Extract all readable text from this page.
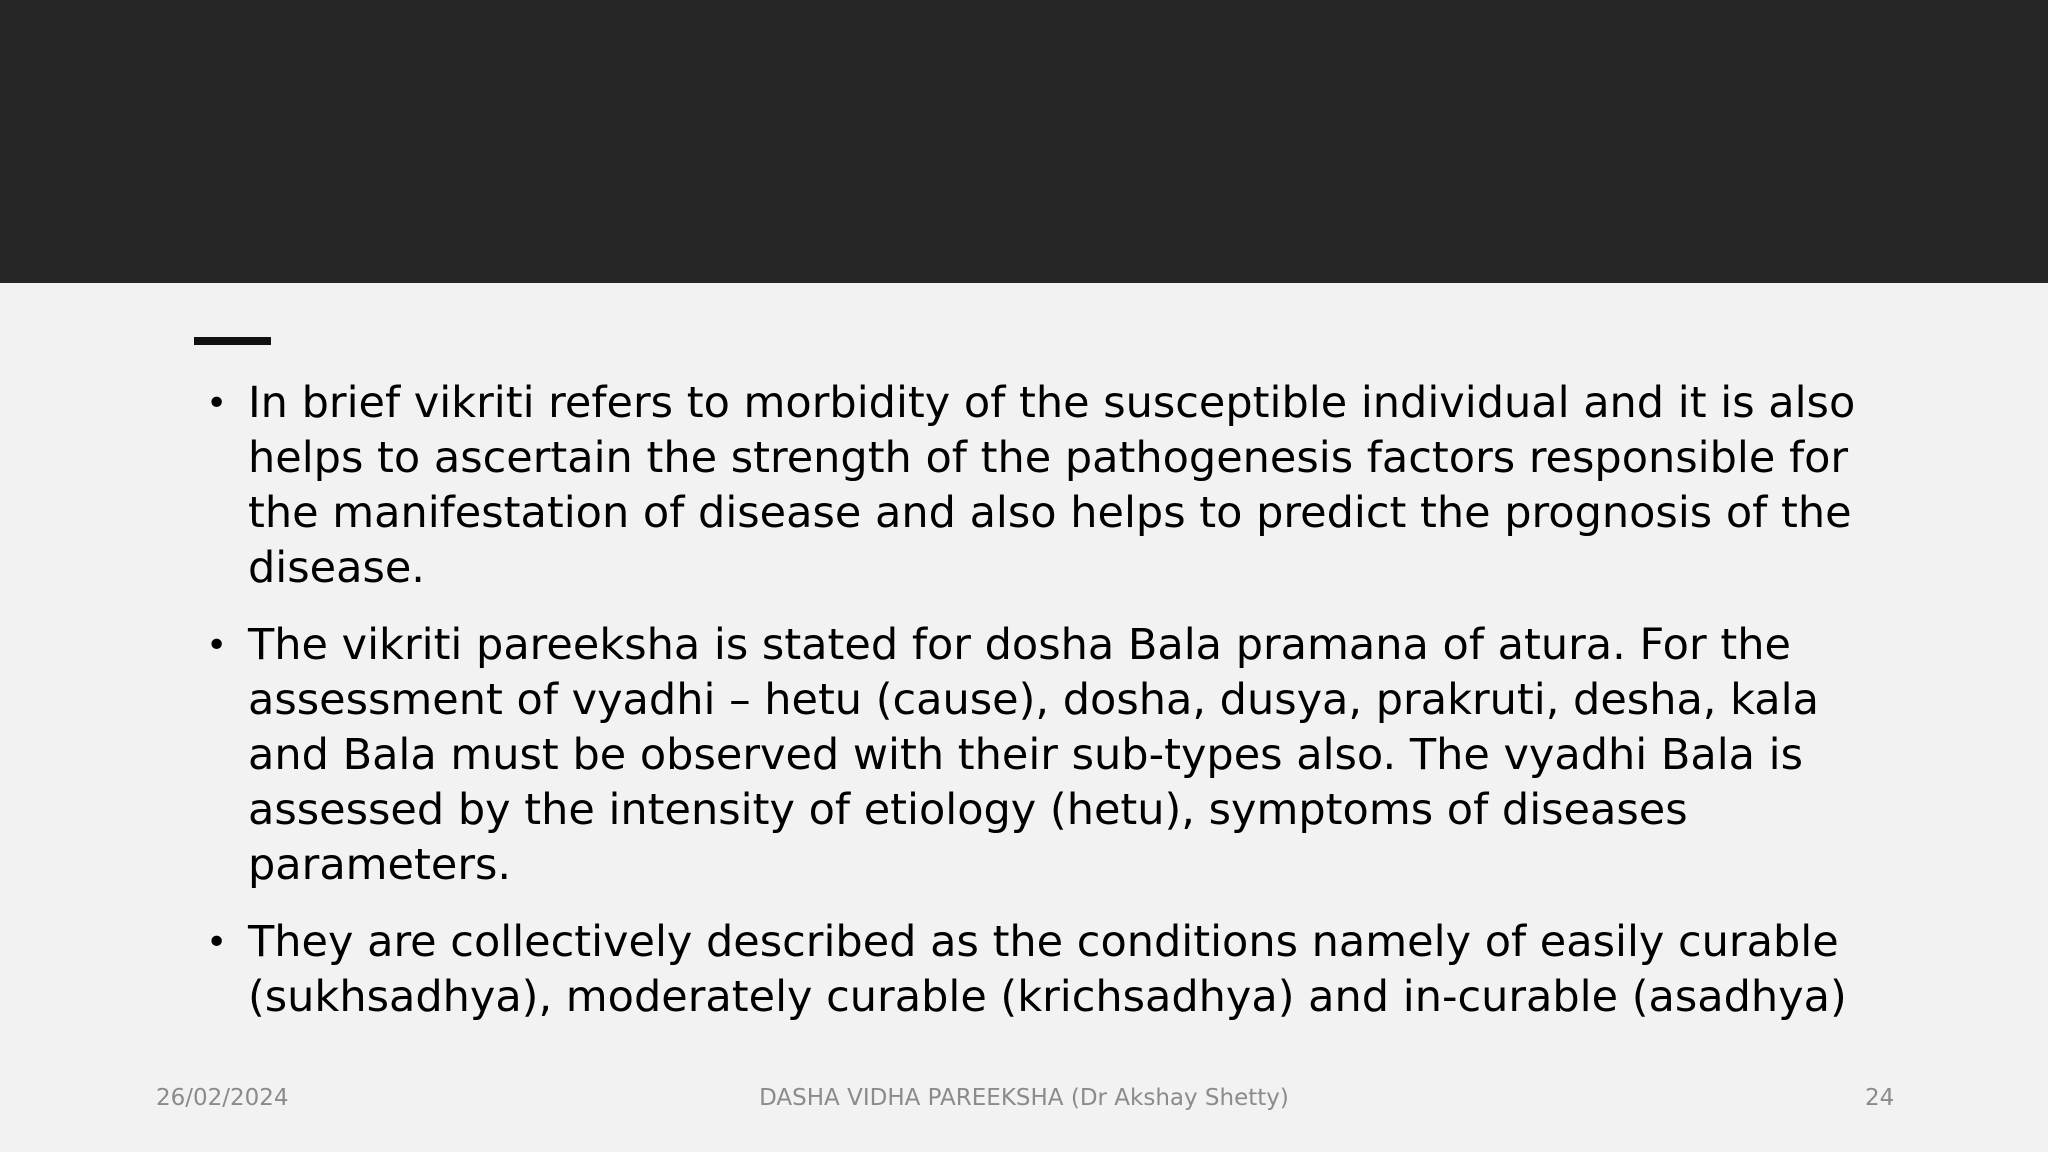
• In brief vikriti refers to morbidity of the susceptible individual and it is also helps to ascertain the strength of the pathogenesis factors responsible for the manifestation of disease and also helps to predict the prognosis of the disease.
• The vikriti pareeksha is stated for dosha Bala pramana of atura. For the assessment of vyadhi – hetu (cause), dosha, dusya, prakruti, desha, kala and Bala must be observed with their sub-types also. The vyadhi Bala is assessed by the intensity of etiology (hetu), symptoms of diseases parameters.
• They are collectively described as the conditions namely of easily curable (sukhsadhya), moderately curable (krichsadhya) and in-curable (asadhya)
26/02/2024	DASHA VIDHA PAREEKSHA (Dr Akshay Shetty)	24
